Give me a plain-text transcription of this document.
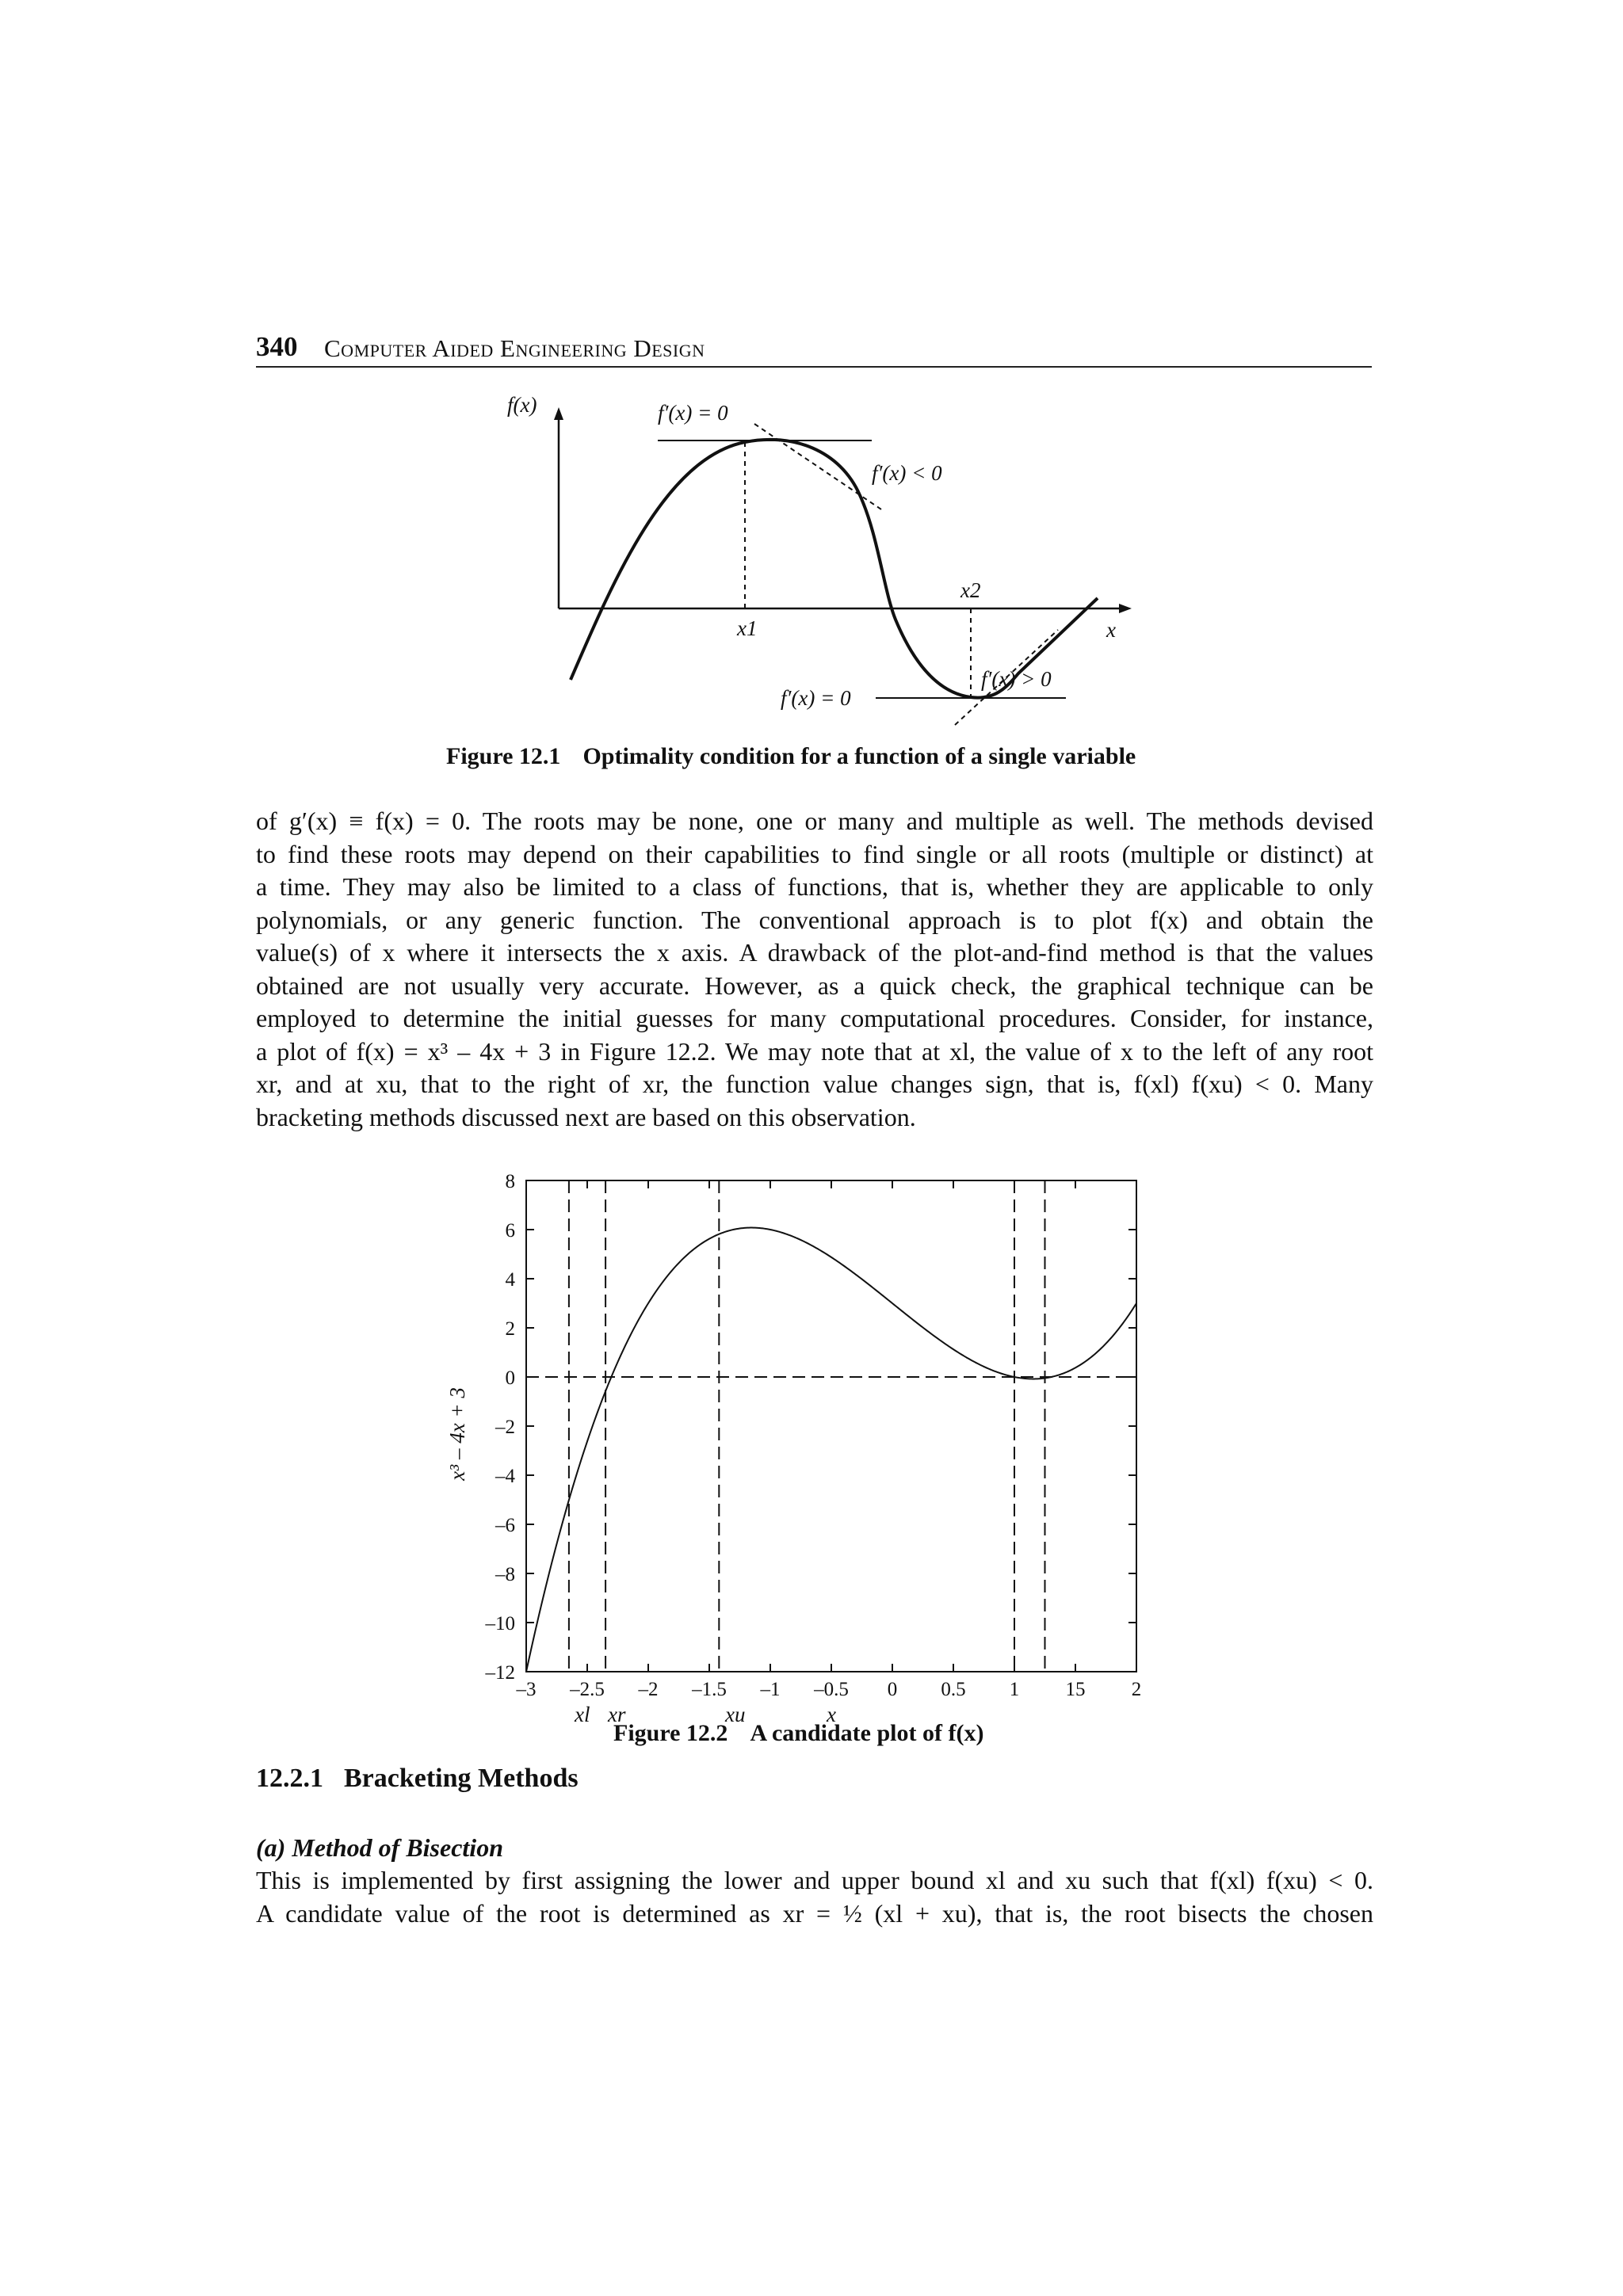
340 Computer Aided Engineering Design
f(x)	f′(x) = 0
f′(x) < 0
x1
x2
x
f′(x) > 0
f′(x) = 0
Figure 12.1 Optimality condition for a function of a single variable
of g′(x) ≡ f(x) = 0. The roots may be none, one or many and multiple as well. The methods devised
to find these roots may depend on their capabilities to find single or all roots (multiple or distinct) at
a time. They may also be limited to a class of functions, that is, whether they are applicable to only
polynomials, or any generic function. The conventional approach is to plot f(x) and obtain the
value(s) of x where it intersects the x axis. A drawback of the plot-and-find method is that the values
obtained are not usually very accurate. However, as a quick check, the graphical technique can be
employed to determine the initial guesses for many computational procedures. Consider, for instance,
a plot of f(x) = x³ – 4x + 3 in Figure 12.2. We may note that at xl, the value of x to the left of any root
xr, and at xu, that to the right of xr, the function value changes sign, that is, f(xl) f(xu) < 0. Many
bracketing methods discussed next are based on this observation.
8
6
4
2
0
–2
–4
–6
–8
–10
–12
–3 –2.5 –2 –1.5 –1 –0.5 0 0.5 1 15 2
xl xr	xu	x
x³ – 4x + 3
Figure 12.2 A candidate plot of f(x)
12.2.1 Bracketing Methods
(a) Method of Bisection
This is implemented by first assigning the lower and upper bound xl and xu such that f(xl) f(xu) < 0.
A candidate value of the root is determined as xr = ½ (xl + xu), that is, the root bisects the chosen
